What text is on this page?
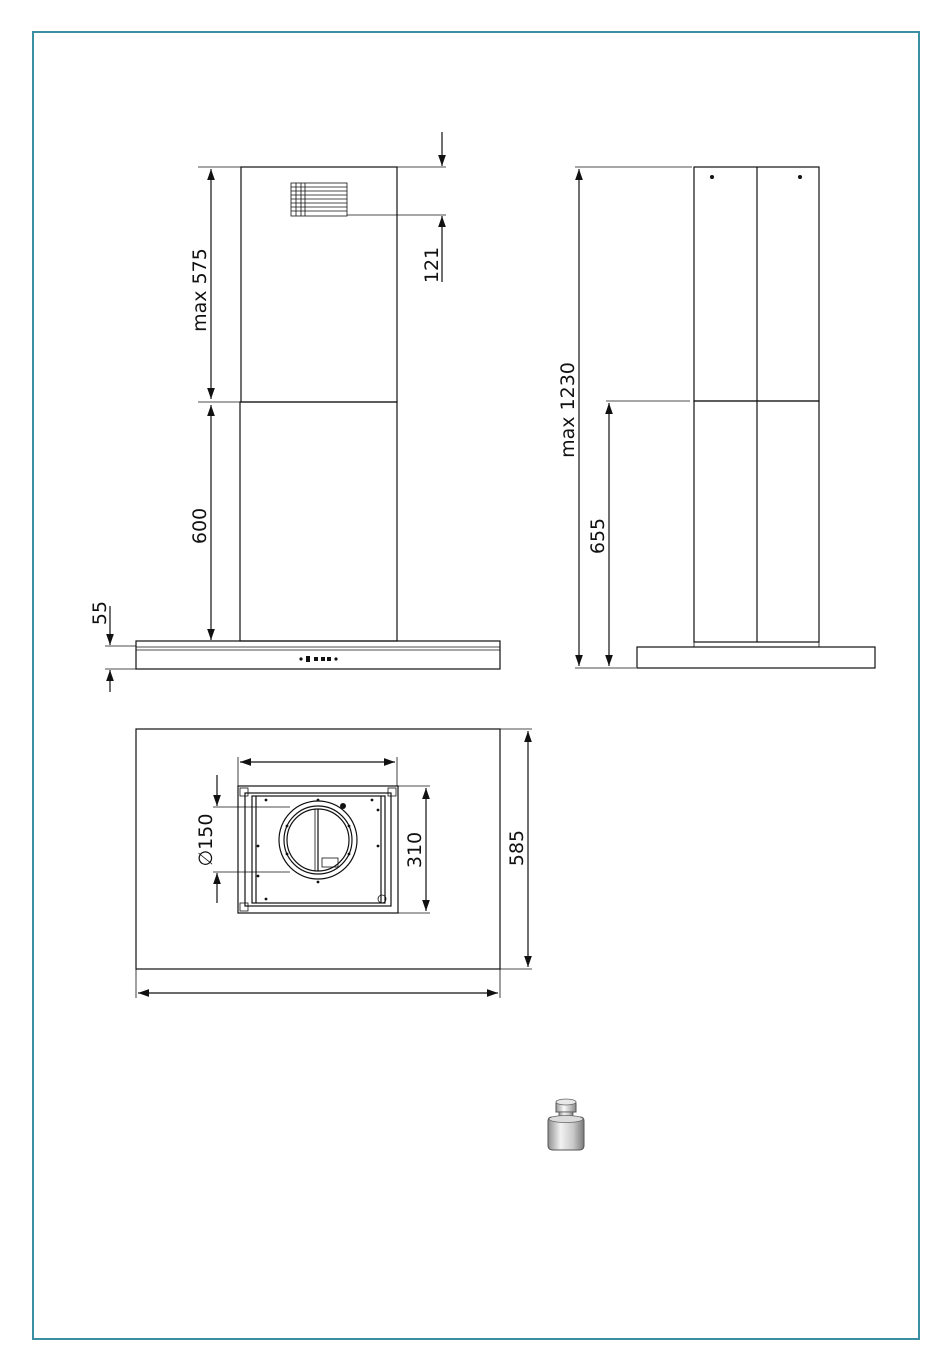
max 575
600
121
55
max 1230
655
∅150	310	585
